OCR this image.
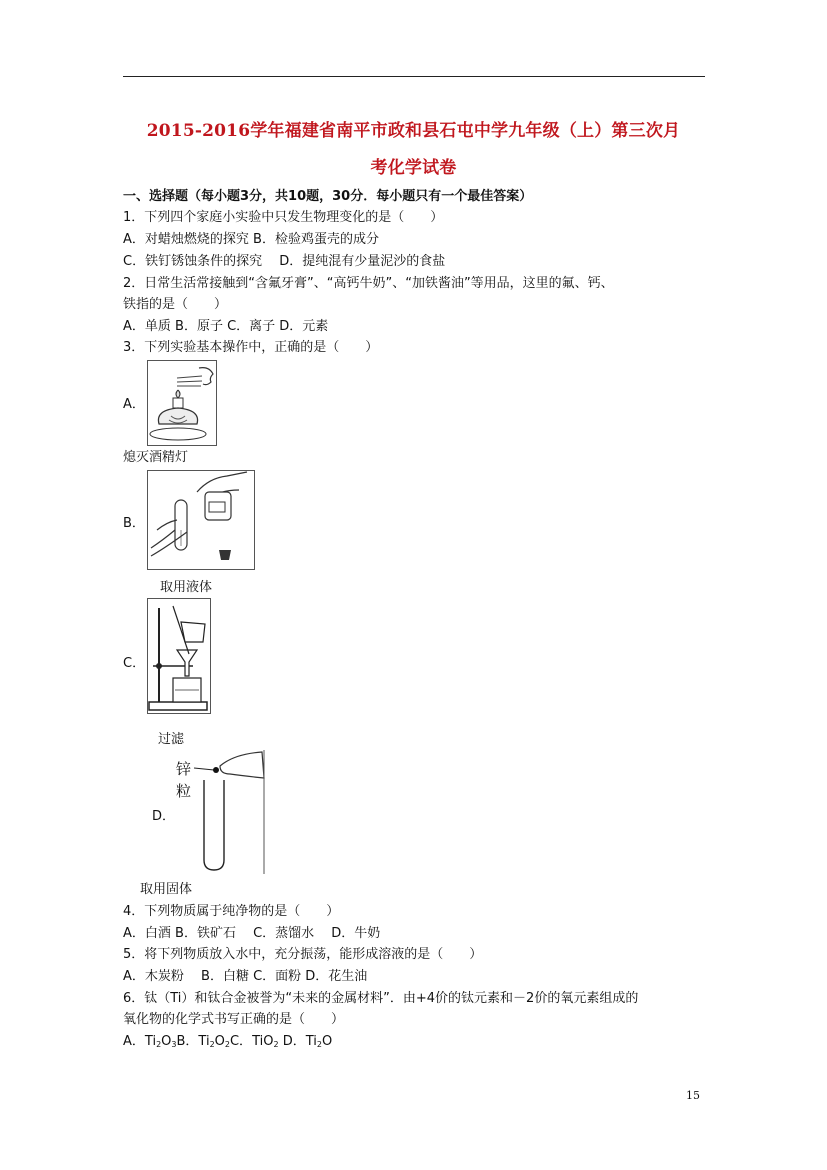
2015-2016学年福建省南平市政和县石屯中学九年级（上）第三次月
考化学试卷
一、选择题（每小题3分，共10题，30分．每小题只有一个最佳答案）
1．下列四个家庭小实验中只发生物理变化的是（　　）
A．对蜡烛燃烧的探究 B．检验鸡蛋壳的成分
C．铁钉锈蚀条件的探究　 D．提纯混有少量泥沙的食盐
2．日常生活常接触到“含氟牙膏”、“高钙牛奶”、“加铁酱油”等用品，这里的氟、钙、
铁指的是（　　）
A．单质 B．原子 C．离子 D．元素
3．下列实验基本操作中，正确的是（　　）
A．
熄灭酒精灯
B．
取用液体
C．
过滤
D．
锌
粒
取用固体
4．下列物质属于纯净物的是（　　）
A．白酒 B．铁矿石　 C．蒸馏水　 D．牛奶
5．将下列物质放入水中，充分振荡，能形成溶液的是（　　）
A．木炭粉　 B．白糖 C．面粉 D．花生油
6．钛（Ti）和钛合金被誉为“未来的金属材料”．由+4价的钛元素和－2价的氧元素组成的
氧化物的化学式书写正确的是（　　）
A．$Ti_2O_3B$．$Ti_2O_2C$．TiO$_2$ D．$Ti_2O$
15
